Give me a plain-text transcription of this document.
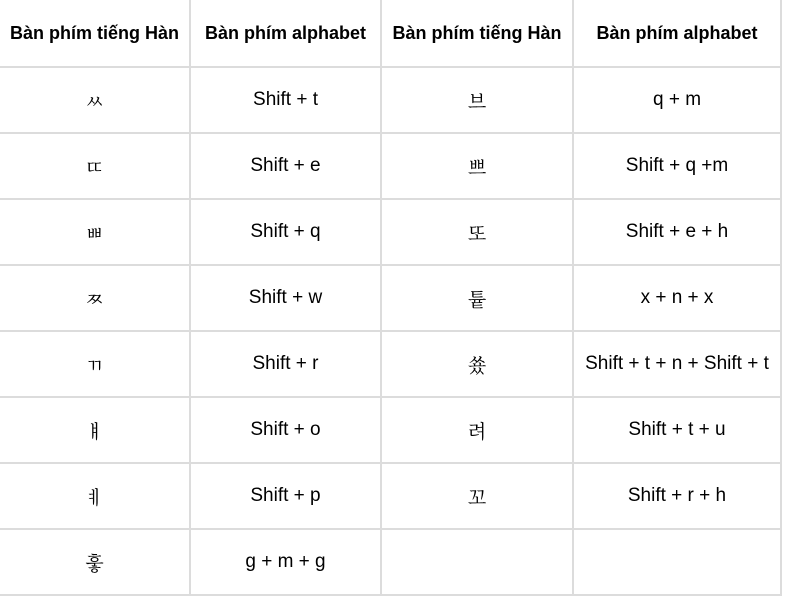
Bàn phím tiếng Hàn	Bàn phím alphabet	Bàn phím tiếng Hàn	Bàn phím alphabet
ㅆ	Shift + t	브	q + m
ㄸ	Shift + e	쁘	Shift + q +m
ㅃ	Shift + q	또	Shift + e + h
ㅉ	Shift + w	튵	x + n + x
ㄲ	Shift + r	쑜	Shift + t + n + Shift + t
ㅒ	Shift + o	려	Shift + t + u
ㅖ	Shift + p	꼬	Shift + r + h
훟	g + m + g
